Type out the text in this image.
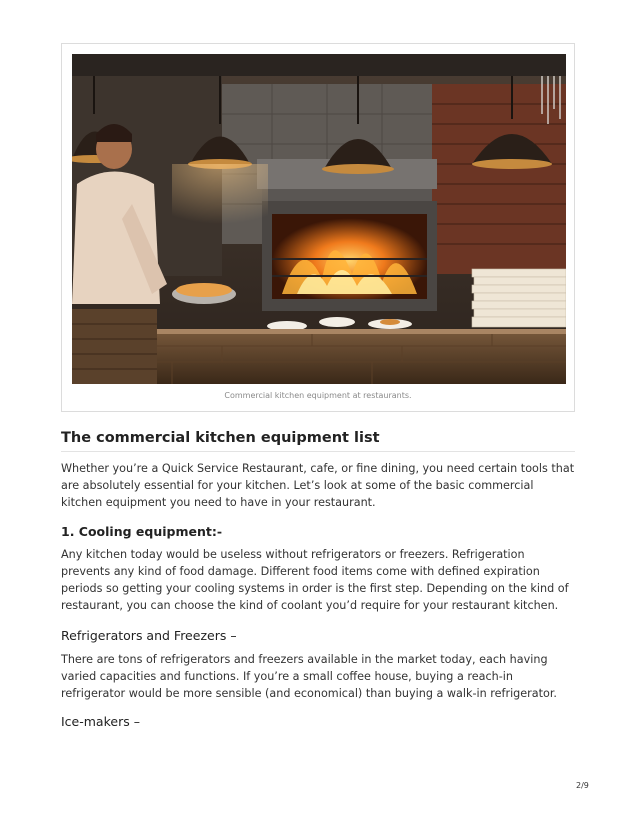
Commercial kitchen equipment at restaurants.
The commercial kitchen equipment list

Whether you’re a Quick Service Restaurant, cafe, or fine dining, you need certain tools that are absolutely essential for your kitchen. Let’s look at some of the basic commercial kitchen equipment you need to have in your restaurant.

1. Cooling equipment:-

Any kitchen today would be useless without refrigerators or freezers. Refrigeration prevents any kind of food damage. Different food items come with defined expiration periods so getting your cooling systems in order is the first step. Depending on the kind of restaurant, you can choose the kind of coolant you’d require for your restaurant kitchen.

Refrigerators and Freezers –

There are tons of refrigerators and freezers available in the market today, each having varied capacities and functions. If you’re a small coffee house, buying a reach-in refrigerator would be more sensible (and economical) than buying a walk-in refrigerator.

Ice-makers –
2/9
